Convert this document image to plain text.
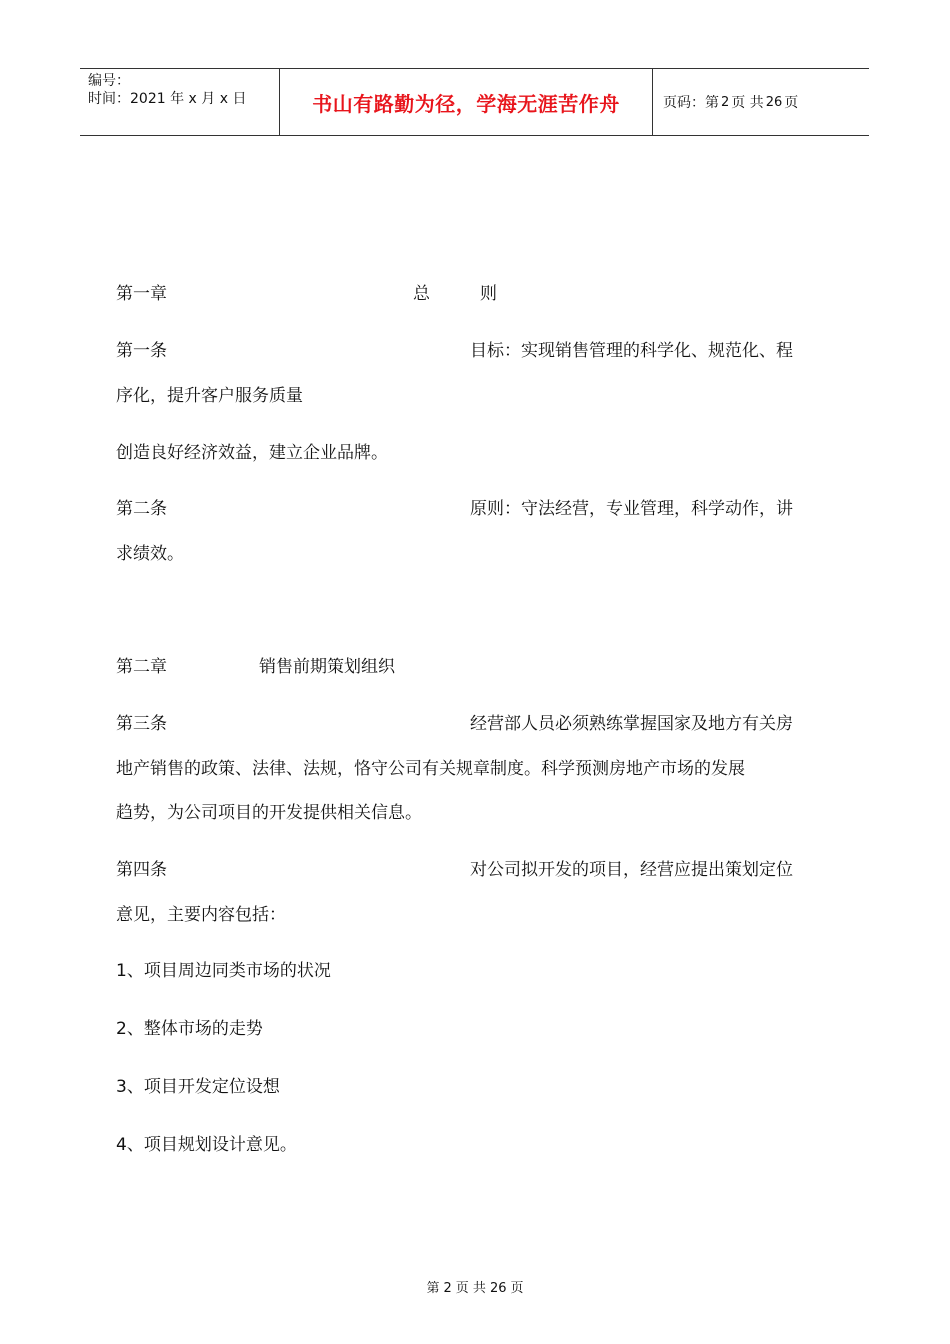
编号：
时间：2021 年 x 月 x 日	书山有路勤为径，学海无涯苦作舟	页码：第 2 页 共 26 页
第一章	总	则
第一条	目标：实现销售管理的科学化、规范化、程
序化，提升客户服务质量
创造良好经济效益，建立企业品牌。
第二条	原则：守法经营，专业管理，科学动作，讲
求绩效。
第二章	销售前期策划组织
第三条	经营部人员必须熟练掌握国家及地方有关房
地产销售的政策、法律、法规，恪守公司有关规章制度。科学预测房地产市场的发展
趋势，为公司项目的开发提供相关信息。
第四条	对公司拟开发的项目，经营应提出策划定位
意见，主要内容包括：
1、项目周边同类市场的状况
2、整体市场的走势
3、项目开发定位设想
4、项目规划设计意见。
第 2 页 共 26 页
